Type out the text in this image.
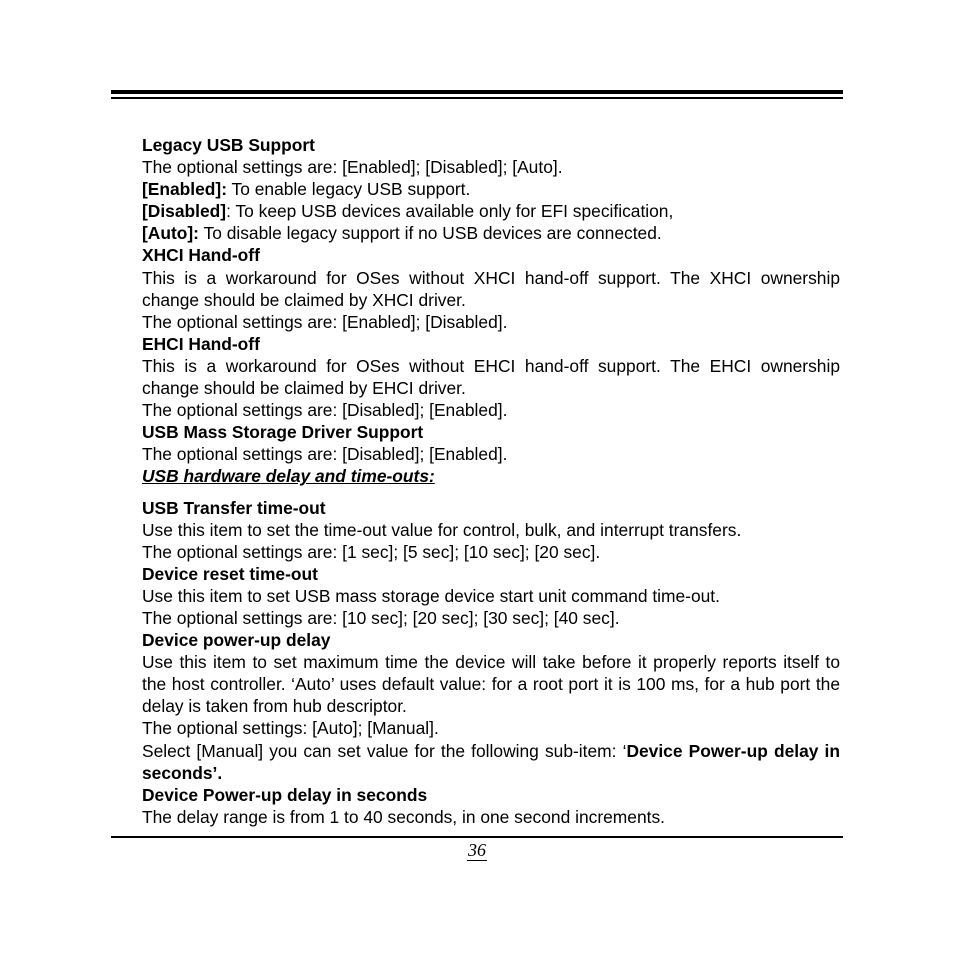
Legacy USB Support

The optional settings are: [Enabled]; [Disabled]; [Auto].

[Enabled]: To enable legacy USB support.

[Disabled]: To keep USB devices available only for EFI specification,

[Auto]: To disable legacy support if no USB devices are connected.

XHCI Hand-off

This is a workaround for OSes without XHCI hand-off support. The XHCI ownership change should be claimed by XHCI driver.

The optional settings are: [Enabled]; [Disabled].

EHCI Hand-off

This is a workaround for OSes without EHCI hand-off support. The EHCI ownership change should be claimed by EHCI driver.

The optional settings are: [Disabled]; [Enabled].

USB Mass Storage Driver Support

The optional settings are: [Disabled]; [Enabled].

USB hardware delay and time-outs:

USB Transfer time-out

Use this item to set the time-out value for control, bulk, and interrupt transfers.

The optional settings are: [1 sec]; [5 sec]; [10 sec]; [20 sec].

Device reset time-out

Use this item to set USB mass storage device start unit command time-out.

The optional settings are: [10 sec]; [20 sec]; [30 sec]; [40 sec].

Device power-up delay

Use this item to set maximum time the device will take before it properly reports itself to the host controller. ‘Auto’ uses default value: for a root port it is 100 ms, for a hub port the delay is taken from hub descriptor.

The optional settings: [Auto]; [Manual].

Select [Manual] you can set value for the following sub-item: ‘Device Power-up delay in seconds’.

Device Power-up delay in seconds

The delay range is from 1 to 40 seconds, in one second increments.

36
